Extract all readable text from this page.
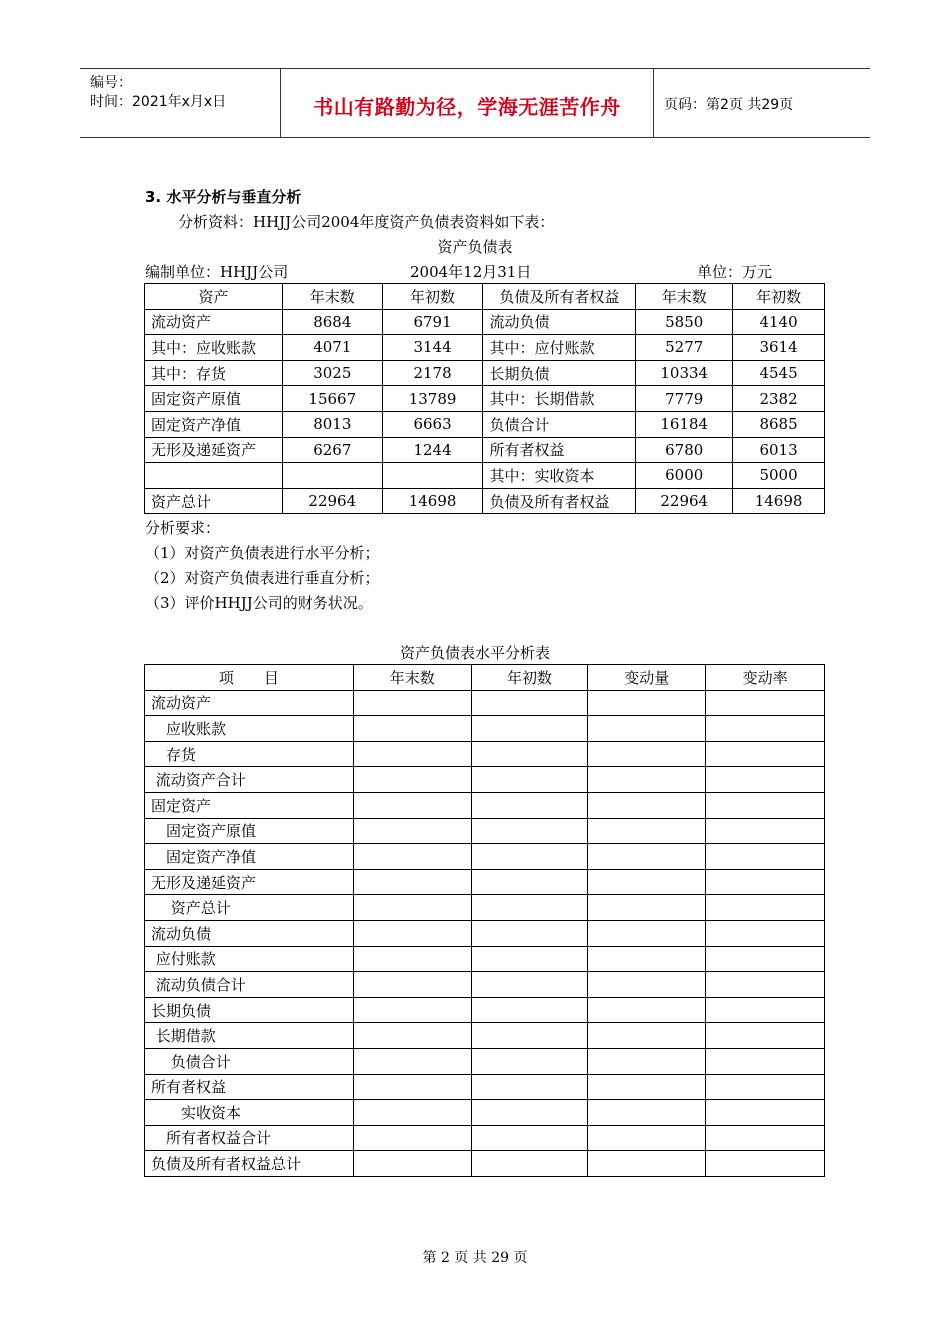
编号：
时间：2021年x月x日	书山有路勤为径，学海无涯苦作舟	页码：第2页 共29页
3. 水平分析与垂直分析
分析资料：HHJJ公司2004年度资产负债表资料如下表：
资产负债表
编制单位：HHJJ公司	2004年12月31日	单位：万元
资产	年末数	年初数	负债及所有者权益	年末数	年初数
流动资产	8684	6791	流动负债	5850	4140
其中：应收账款	4071	3144	其中：应付账款	5277	3614
其中：存货	3025	2178	长期负债	10334	4545
固定资产原值	15667	13789	其中：长期借款	7779	2382
固定资产净值	8013	6663	负债合计	16184	8685
无形及递延资产	6267	1244	所有者权益	6780	6013
			其中：实收资本	6000	5000
资产总计	22964	14698	负债及所有者权益	22964	14698
分析要求：
（1）对资产负债表进行水平分析；
（2）对资产负债表进行垂直分析；
（3）评价HHJJ公司的财务状况。
资产负债表水平分析表
项　　目	年末数	年初数	变动量	变动率
流动资产				
　应收账款				
　存货				
流动资产合计				
固定资产				
　固定资产原值				
　固定资产净值				
无形及递延资产				
　 资产总计				
流动负债				
应付账款				
流动负债合计				
长期负债				
长期借款				
　 负债合计				
所有者权益				
　　实收资本				
　所有者权益合计				
负债及所有者权益总计				
第 2 页 共 29 页
